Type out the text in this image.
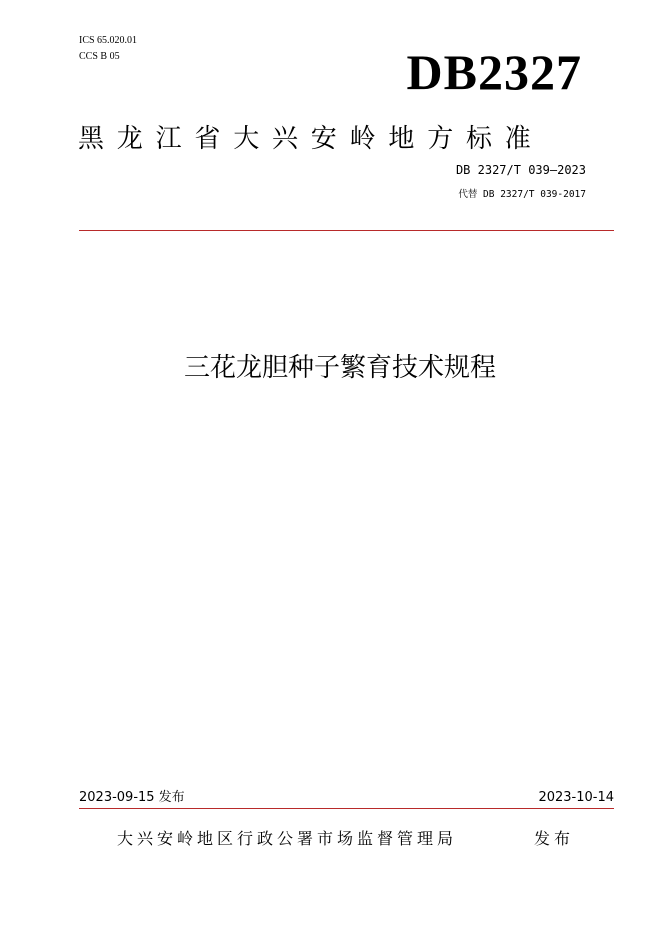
ICS 65.020.01
CCS B 05	DB2327
黑龙江省大兴安岭地方标准
DB 2327/T 039—2023
代替 DB 2327/T 039-2017
三花龙胆种子繁育技术规程
2023-09-15 发布	2023-10-14
大兴安岭地区行政公署市场监督管理局	发布
